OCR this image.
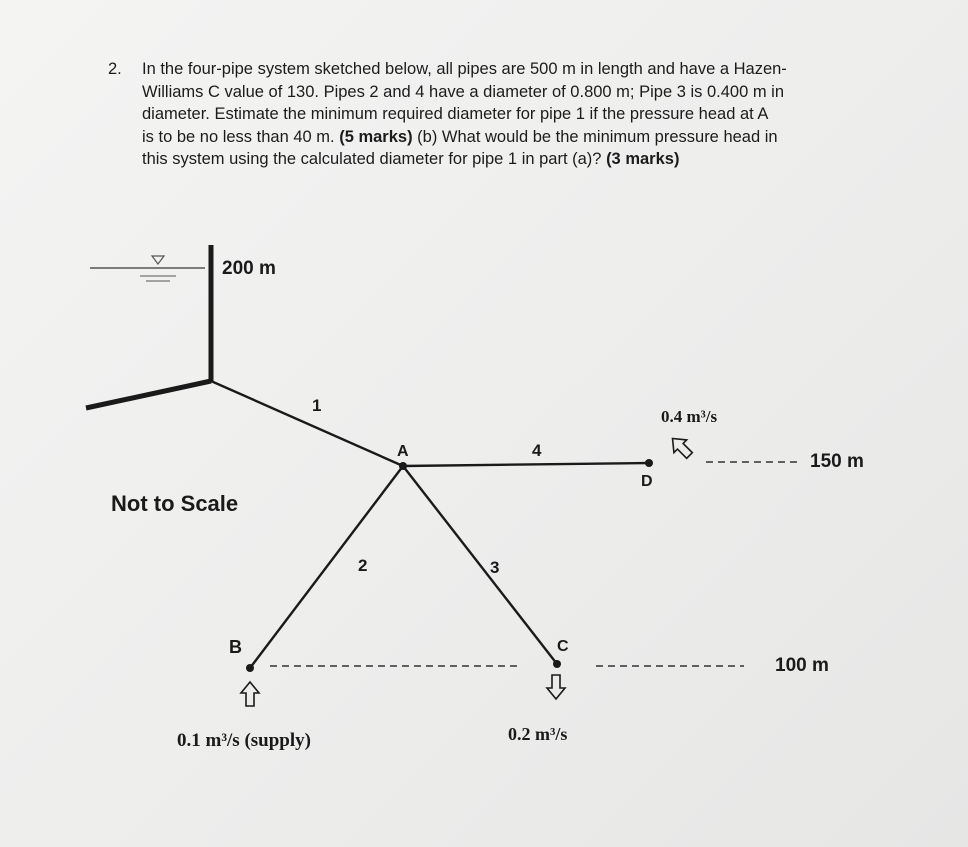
2. In the four-pipe system sketched below, all pipes are 500 m in length and have a Hazen-
Williams C value of 130. Pipes 2 and 4 have a diameter of 0.800 m; Pipe 3 is 0.400 m in
diameter. Estimate the minimum required diameter for pipe 1 if the pressure head at A
is to be no less than 40 m. (5 marks) (b) What would be the minimum pressure head in
this system using the calculated diameter for pipe 1 in part (a)? (3 marks)
200 m
Not to Scale
1
4
2	3
A
B	C
D
150 m
100 m
0.4 m³/s
0.1 m³/s (supply)	0.2 m³/s
